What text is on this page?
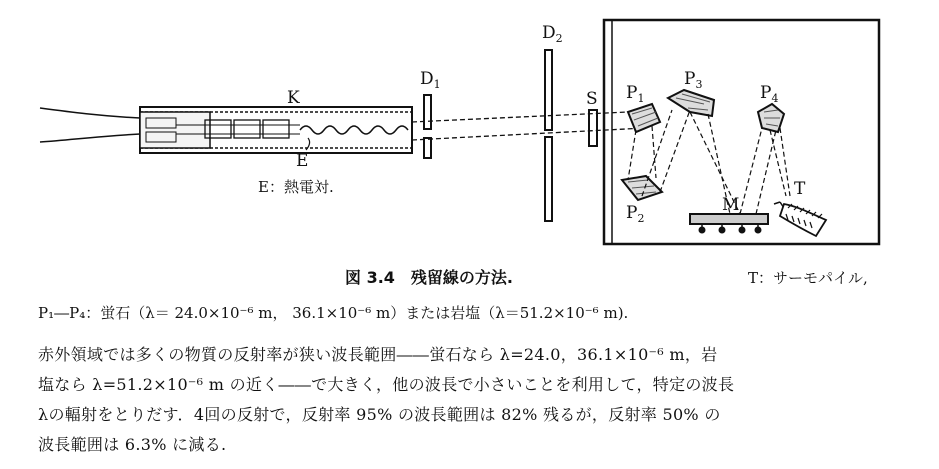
K
E
$D_1$
$D_2$
S $P_1$
$P_2$
$P_3$	$P_4$
M
T
E：熱電対.
図 3.4　残留線の方法.	T：サーモパイル,
P₁―P₄：蛍石（λ＝ 24.0×10⁻⁶ m， 36.1×10⁻⁶ m）または岩塩（λ＝51.2×10⁻⁶ m).
赤外領域では多くの物質の反射率が狭い波長範囲――蛍石なら λ=24.0，36.1×10⁻⁶ m，岩
塩なら λ=51.2×10⁻⁶ m の近く――で大きく，他の波長で小さいことを利用して，特定の波長
λの輻射をとりだす．4回の反射で，反射率 95% の波長範囲は 82% 残るが，反射率 50% の
波長範囲は 6.3% に減る.
